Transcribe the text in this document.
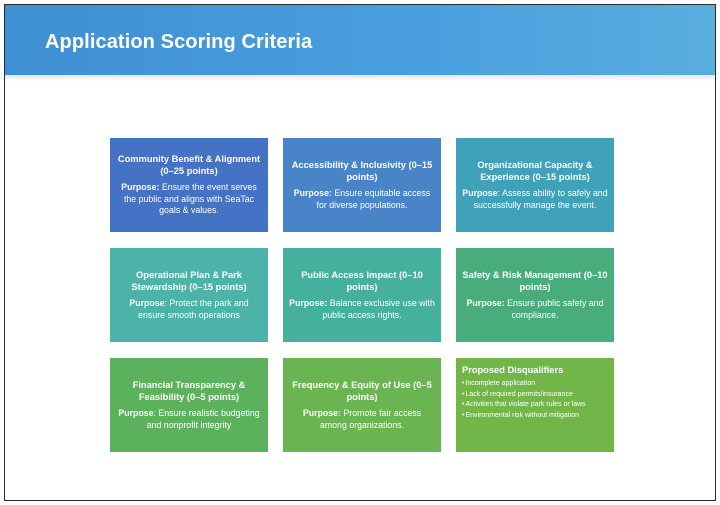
Application Scoring Criteria
Community Benefit & Alignment (0–25 points)
Purpose: Ensure the event serves the public and aligns with SeaTac goals & values.
Accessibility & Inclusivity (0–15 points)
Purpose: Ensure equitable access for diverse populations.
Organizational Capacity & Experience (0–15 points)
Purpose: Assess ability to safely and successfully manage the event.
Operational Plan & Park Stewardship (0–15 points)
Purpose: Protect the park and ensure smooth operations
Public Access Impact (0–10 points)
Purpose: Balance exclusive use with public access rights.
Safety & Risk Management (0–10 points)
Purpose: Ensure public safety and compliance.
Financial Transparency & Feasibility (0–5 points)
Purpose: Ensure realistic budgeting and nonprofit integrity
Frequency & Equity of Use (0–5 points)
Purpose: Promote fair access among organizations.
Proposed Disqualifiers
•Incomplete application
•Lack of required permits/insurance
•Activities that violate park rules or laws
•Environmental risk without mitigation
